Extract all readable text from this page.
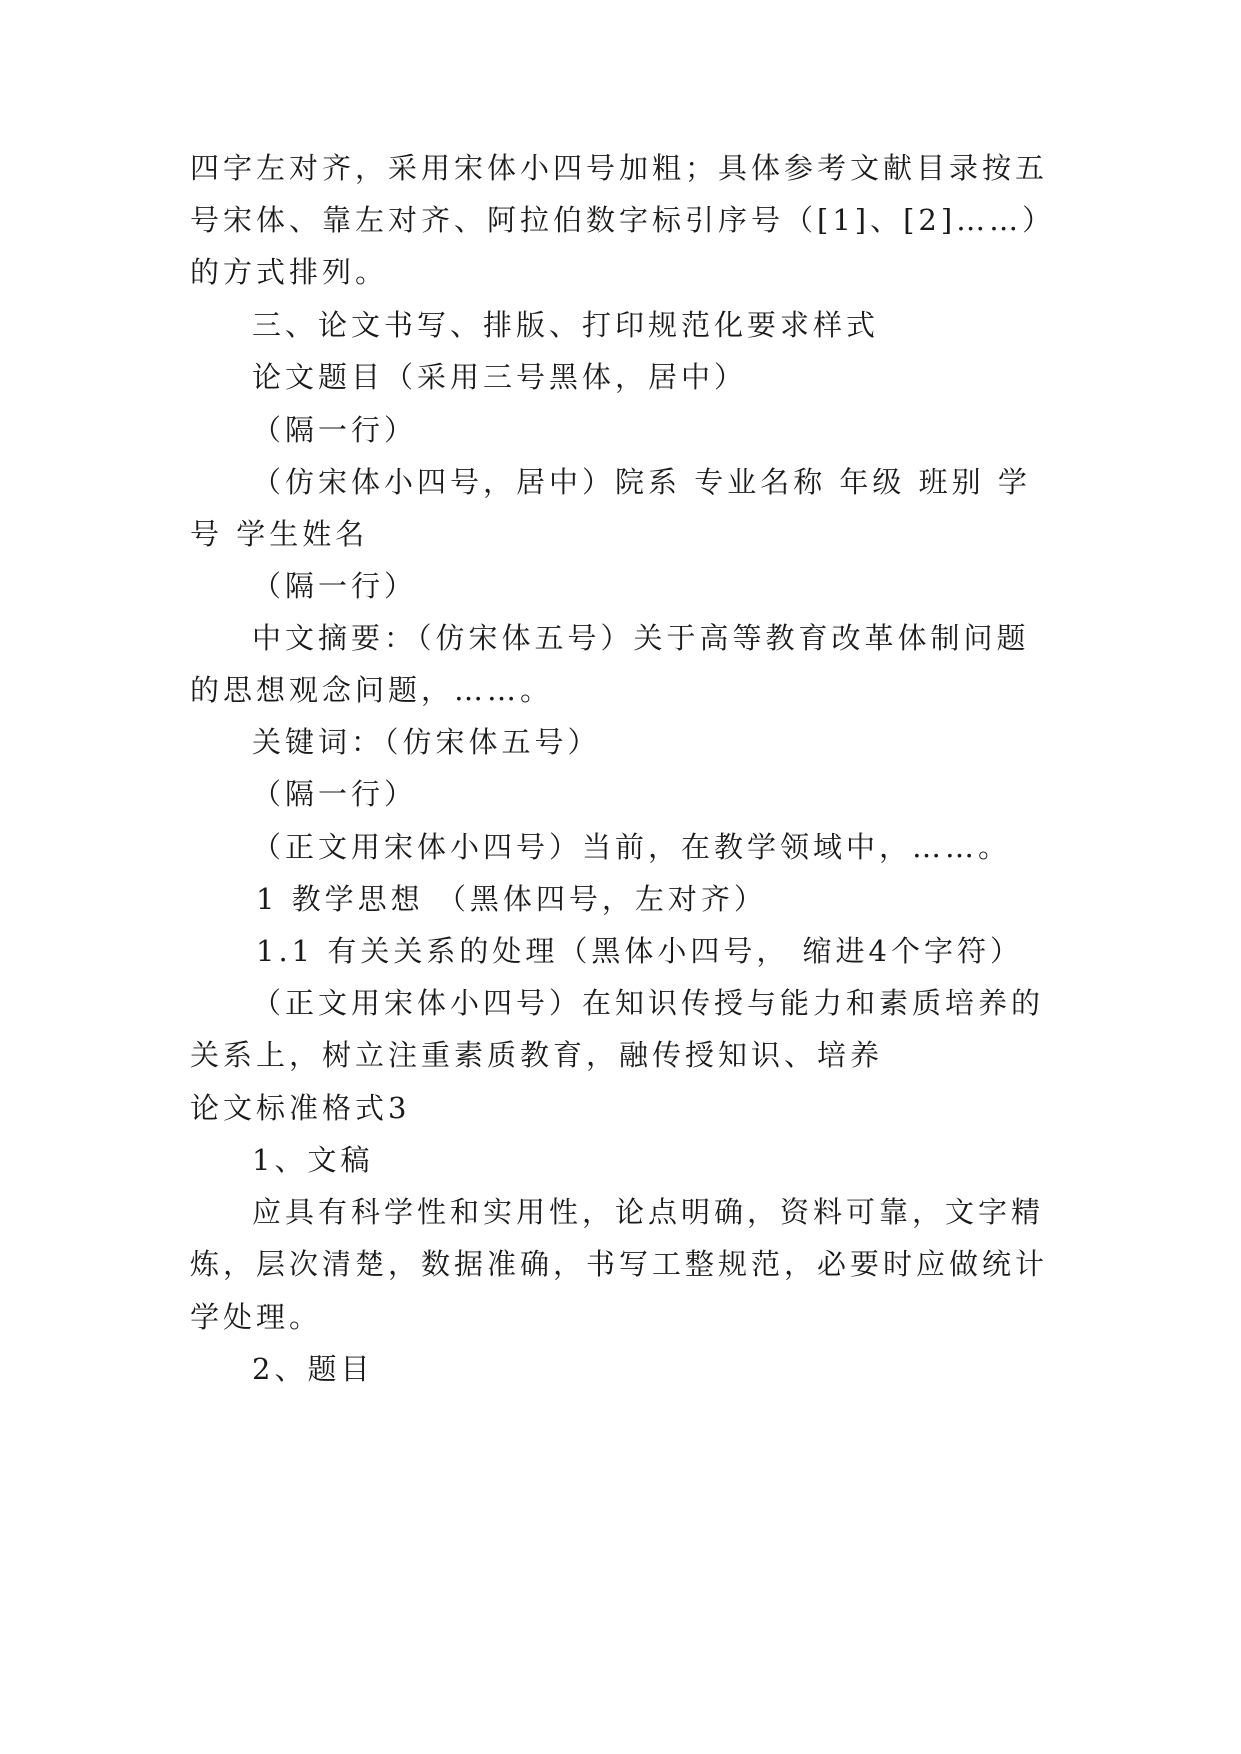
四字左对齐，采用宋体小四号加粗；具体参考文献目录按五
号宋体、靠左对齐、阿拉伯数字标引序号（[1]、[2]……）
的方式排列。
三、论文书写、排版、打印规范化要求样式
论文题目（采用三号黑体，居中）
（隔一行）
（仿宋体小四号，居中）院系 专业名称 年级 班别 学
号 学生姓名
（隔一行）
中文摘要：（仿宋体五号）关于高等教育改革体制问题
的思想观念问题，……。
关键词：（仿宋体五号）
（隔一行）
（正文用宋体小四号）当前，在教学领域中，……。
1 教学思想 （黑体四号，左对齐）
1.1 有关关系的处理（黑体小四号， 缩进4个字符）
（正文用宋体小四号）在知识传授与能力和素质培养的
关系上，树立注重素质教育，融传授知识、培养
论文标准格式3
1、文稿
应具有科学性和实用性，论点明确，资料可靠，文字精
炼，层次清楚，数据准确，书写工整规范，必要时应做统计
学处理。
2、题目
